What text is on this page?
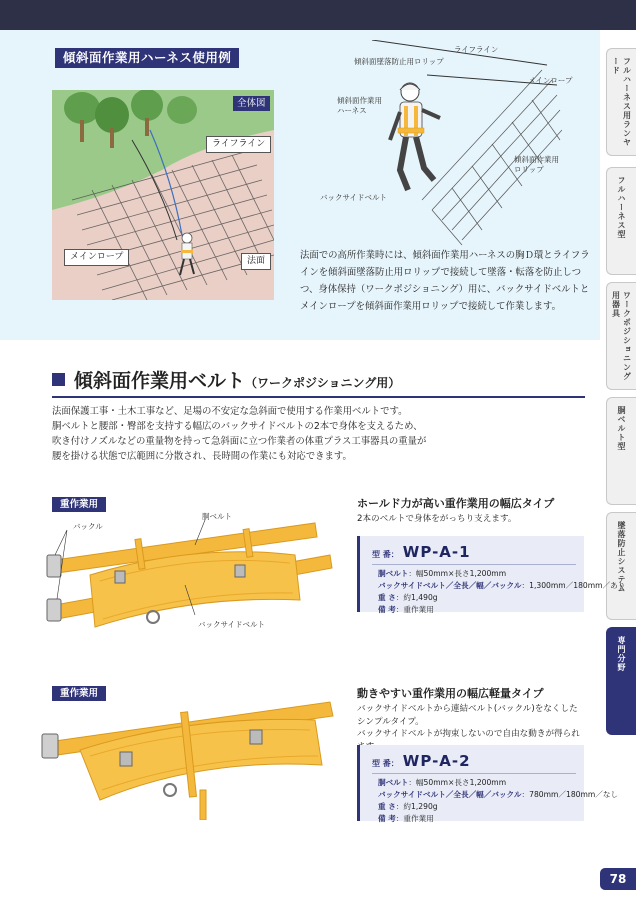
傾斜面作業用ハーネス使用例
全体図
ライフライン
メインロープ	法面
ライフライン
傾斜面墜落防止用ロリップ
メインロープ
傾斜面作業用
ハーネス
傾斜面作業用
ロリップ
バックサイドベルト
法面での高所作業時には、傾斜面作業用ハーネスの胸Ｄ環とライフラインを傾斜面墜落防止用ロリップで接続して墜落・転落を防止しつつ、身体保持（ワークポジショニング）用に、バックサイドベルトとメインロープを傾斜面作業用ロリップで接続して作業します。
フルハーネス用ランヤード
フルハーネス型
ワークポジショニング用器具
胴ベルト型
墜落防止システム
専門分野
傾斜面作業用ベルト（ワークポジショニング用）

法面保護工事・土木工事など、足場の不安定な急斜面で使用する作業用ベルトです。

胴ベルトと腰部・臀部を支持する幅広のバックサイドベルトの2本で身体を支えるため、

吹き付けノズルなどの重量物を持って急斜面に立つ作業者の体重プラス工事器具の重量が

腰を掛ける状態で広範囲に分散され、長時間の作業にも対応できます。

重作業用
胴ベルト
バックル
バックサイドベルト
ホールド力が高い重作業用の幅広タイプ

2本のベルトで身体をがっちり支えます。

型 番： WP-A-1
胴ベルト：幅50mm×長さ1,200mm
バックサイドベルト／全長／幅／バックル：1,300mm／180mm／あり
重 さ：約1,490g
備 考：重作業用
重作業用	動きやすい重作業用の幅広軽量タイプ

バックサイドベルトから連結ベルト(バックル)をなくした

シンプルタイプ。

バックサイドベルトが拘束しないので自由な動きが得られ

型 番： WP-A-2
胴ベルト：幅50mm×長さ1,200mm
バックサイドベルト／全長／幅／バックル：780mm／180mm／なし
重 さ：約1,290g
備 考：重作業用
78
